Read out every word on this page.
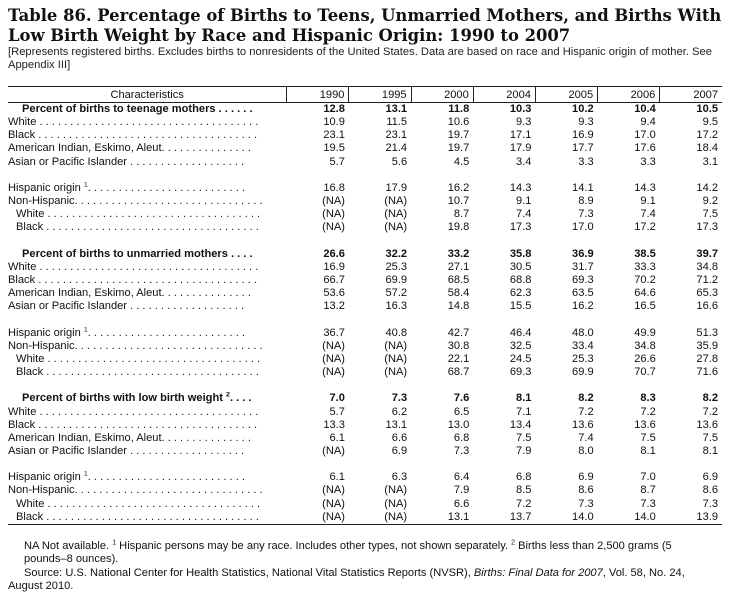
Table 86. Percentage of Births to Teens, Unmarried Mothers, and Births With Low Birth Weight by Race and Hispanic Origin: 1990 to 2007
[Represents registered births. Excludes births to nonresidents of the United States. Data are based on race and Hispanic origin of mother. See Appendix III]
Characteristics	1990	1995	2000	2004	2005	2006	2007

Percent of births to teenage mothers . . . . . .	12.8	13.1	11.8	10.3	10.2	10.4	10.5

White . . . . . . . . . . . . . . . . . . . . . . . . . . . . . . . . . . . .	10.9	11.5	10.6	9.3	9.3	9.4	9.5

Black . . . . . . . . . . . . . . . . . . . . . . . . . . . . . . . . . . . .	23.1	23.1	19.7	17.1	16.9	17.0	17.2

American Indian, Eskimo, Aleut. . . . . . . . . . . . . . .	19.5	21.4	19.7	17.9	17.7	17.6	18.4

Asian or Pacific Islander . . . . . . . . . . . . . . . . . . .	5.7	5.6	4.5	3.4	3.3	3.3	3.1

Hispanic origin $^1$. . . . . . . . . . . . . . . . . . . . . . . . . .	16.8	17.9	16.2	14.3	14.1	14.3	14.2

Non-Hispanic. . . . . . . . . . . . . . . . . . . . . . . . . . . . . . .	(NA)	(NA)	10.7	9.1	8.9	9.1	9.2

White . . . . . . . . . . . . . . . . . . . . . . . . . . . . . . . . . . .	(NA)	(NA)	8.7	7.4	7.3	7.4	7.5

Black . . . . . . . . . . . . . . . . . . . . . . . . . . . . . . . . . . .	(NA)	(NA)	19.8	17.3	17.0	17.2	17.3

Percent of births to unmarried mothers . . . .	26.6	32.2	33.2	35.8	36.9	38.5	39.7

White . . . . . . . . . . . . . . . . . . . . . . . . . . . . . . . . . . . .	16.9	25.3	27.1	30.5	31.7	33.3	34.8

Black . . . . . . . . . . . . . . . . . . . . . . . . . . . . . . . . . . . .	66.7	69.9	68.5	68.8	69.3	70.2	71.2

American Indian, Eskimo, Aleut. . . . . . . . . . . . . . .	53.6	57.2	58.4	62.3	63.5	64.6	65.3

Asian or Pacific Islander . . . . . . . . . . . . . . . . . . .	13.2	16.3	14.8	15.5	16.2	16.5	16.6

Hispanic origin $^1$. . . . . . . . . . . . . . . . . . . . . . . . . .	36.7	40.8	42.7	46.4	48.0	49.9	51.3

Non-Hispanic. . . . . . . . . . . . . . . . . . . . . . . . . . . . . . .	(NA)	(NA)	30.8	32.5	33.4	34.8	35.9

White . . . . . . . . . . . . . . . . . . . . . . . . . . . . . . . . . . .	(NA)	(NA)	22.1	24.5	25.3	26.6	27.8

Black . . . . . . . . . . . . . . . . . . . . . . . . . . . . . . . . . . .	(NA)	(NA)	68.7	69.3	69.9	70.7	71.6

Percent of births with low birth weight $^2$. . . .	7.0	7.3	7.6	8.1	8.2	8.3	8.2

White . . . . . . . . . . . . . . . . . . . . . . . . . . . . . . . . . . . .	5.7	6.2	6.5	7.1	7.2	7.2	7.2

Black . . . . . . . . . . . . . . . . . . . . . . . . . . . . . . . . . . . .	13.3	13.1	13.0	13.4	13.6	13.6	13.6

American Indian, Eskimo, Aleut. . . . . . . . . . . . . . .	6.1	6.6	6.8	7.5	7.4	7.5	7.5

Asian or Pacific Islander . . . . . . . . . . . . . . . . . . .	(NA)	6.9	7.3	7.9	8.0	8.1	8.1

Hispanic origin $^1$. . . . . . . . . . . . . . . . . . . . . . . . . .	6.1	6.3	6.4	6.8	6.9	7.0	6.9

Non-Hispanic. . . . . . . . . . . . . . . . . . . . . . . . . . . . . . .	(NA)	(NA)	7.9	8.5	8.6	8.7	8.6

White . . . . . . . . . . . . . . . . . . . . . . . . . . . . . . . . . . .	(NA)	(NA)	6.6	7.2	7.3	7.3	7.3

Black . . . . . . . . . . . . . . . . . . . . . . . . . . . . . . . . . . .	(NA)	(NA)	13.1	13.7	14.0	14.0	13.9
NA Not available. $^1$ Hispanic persons may be any race. Includes other types, not shown separately. $^2$ Births less than 2,500 grams (5 pounds–8 ounces).
Source: U.S. National Center for Health Statistics, National Vital Statistics Reports (NVSR), Births: Final Data for 2007, Vol. 58, No. 24, August 2010.
